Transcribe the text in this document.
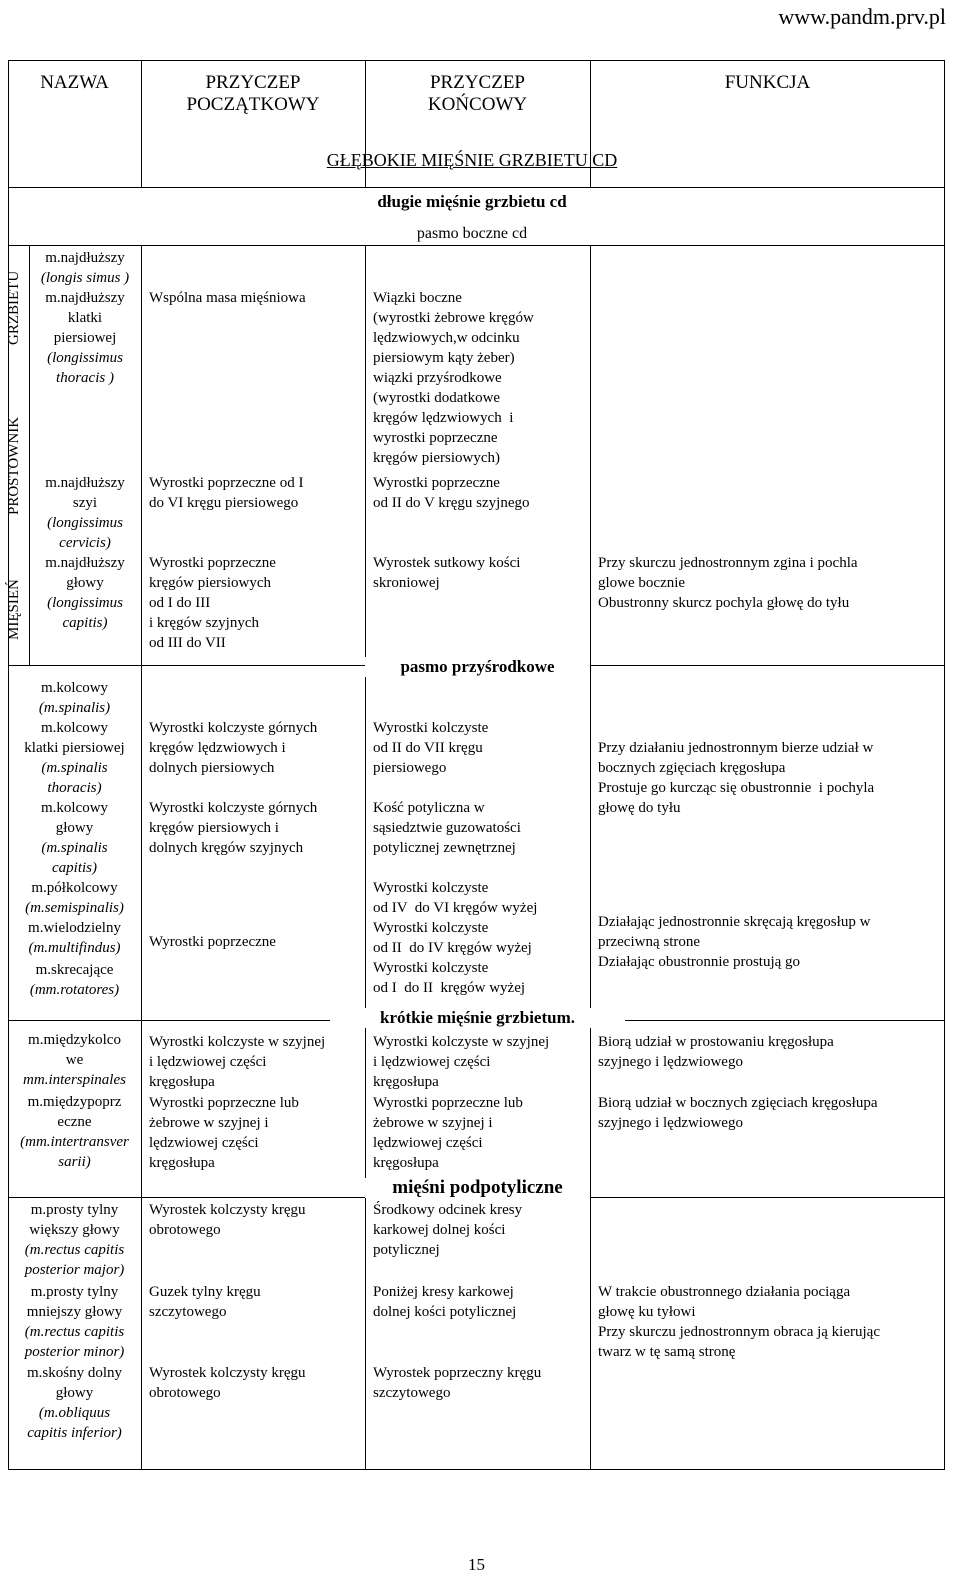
www.pandm.prv.pl
NAZWA	PRZYCZEP
POCZĄTKOWY
PRZYCZEP
KOŃCOWY
FUNKCJA
GŁĘBOKIE MIĘŚNIE GRZBIETU CD
długie mięśnie grzbietu cd
pasmo boczne cd
MIĘSIEŃ
PROSTOWNIK
GRZBIETU
m.najdłuższy
(longis simus )
m.najdłuższy
klatki
piersiowej
(longissimus
thoracis )
m.najdłuższy
szyi
(longissimus
cervicis)
m.najdłuższy
głowy
(longissimus
capitis)
m.kolcowy
(m.spinalis)
m.kolcowy
klatki piersiowej
(m.spinalis
thoracis)
m.kolcowy
głowy
(m.spinalis
capitis)
m.półkolcowy
(m.semispinalis)
m.wielodzielny
(m.multifindus)
m.skrecające
(mm.rotatores)
m.międzykolco
we
mm.interspinales
m.międzypoprz
eczne
(mm.intertransver
sarii)
m.prosty tylny
większy głowy
(m.rectus capitis
posterior major)
m.prosty tylny
mniejszy głowy
(m.rectus capitis
posterior minor)
m.skośny dolny
głowy
(m.obliquus
capitis inferior)
Wspólna masa mięśniowa
Wyrostki poprzeczne od I
do VI kręgu piersiowego
Wyrostki poprzeczne
kręgów piersiowych
od I do III
i kręgów szyjnych
od III do VII
Wyrostki kolczyste górnych
kręgów lędzwiowych i
dolnych piersiowych
Wyrostki kolczyste górnych
kręgów piersiowych i
dolnych kręgów szyjnych
Wyrostki poprzeczne
Wyrostki kolczyste w szyjnej
i lędzwiowej części
kręgosłupa
Wyrostki poprzeczne lub
żebrowe w szyjnej i
lędzwiowej części
kręgosłupa
Wyrostek kolczysty kręgu
obrotowego
Guzek tylny kręgu
szczytowego
Wyrostek kolczysty kręgu
obrotowego
Wiązki boczne
(wyrostki żebrowe kręgów
lędzwiowych,w odcinku
piersiowym kąty żeber)
wiązki przyśrodkowe
(wyrostki dodatkowe
kręgów lędzwiowych  i
wyrostki poprzeczne
kręgów piersiowych)
Wyrostki poprzeczne
od II do V kręgu szyjnego
Wyrostek sutkowy kości
skroniowej
pasmo przyśrodkowe
Wyrostki kolczyste
od II do VII kręgu
piersiowego
Kość potyliczna w
sąsiedztwie guzowatości
potylicznej zewnętrznej
Wyrostki kolczyste
od IV  do VI kręgów wyżej
Wyrostki kolczyste
od II  do IV kręgów wyżej
Wyrostki kolczyste
od I  do II  kręgów wyżej
krótkie mięśnie grzbietum.
Wyrostki kolczyste w szyjnej
i lędzwiowej części
kręgosłupa
Wyrostki poprzeczne lub
żebrowe w szyjnej i
lędzwiowej części
kręgosłupa
mięśni podpotyliczne
Środkowy odcinek kresy
karkowej dolnej kości
potylicznej
Poniżej kresy karkowej
dolnej kości potylicznej
Wyrostek poprzeczny kręgu
szczytowego
Przy skurczu jednostronnym zgina i pochla
glowe bocznie
Obustronny skurcz pochyla głowę do tyłu
Przy działaniu jednostronnym bierze udział w
bocznych zgięciach kręgosłupa
Prostuje go kurcząc się obustronnie  i pochyla
głowę do tyłu
Działając jednostronnie skręcają kręgosłup w
przeciwną strone
Działając obustronnie prostują go
Biorą udział w prostowaniu kręgosłupa
szyjnego i lędzwiowego
Biorą udział w bocznych zgięciach kręgosłupa
szyjnego i lędzwiowego
W trakcie obustronnego działania pociąga
głowę ku tyłowi
Przy skurczu jednostronnym obraca ją kierując
twarz w tę samą stronę
15
